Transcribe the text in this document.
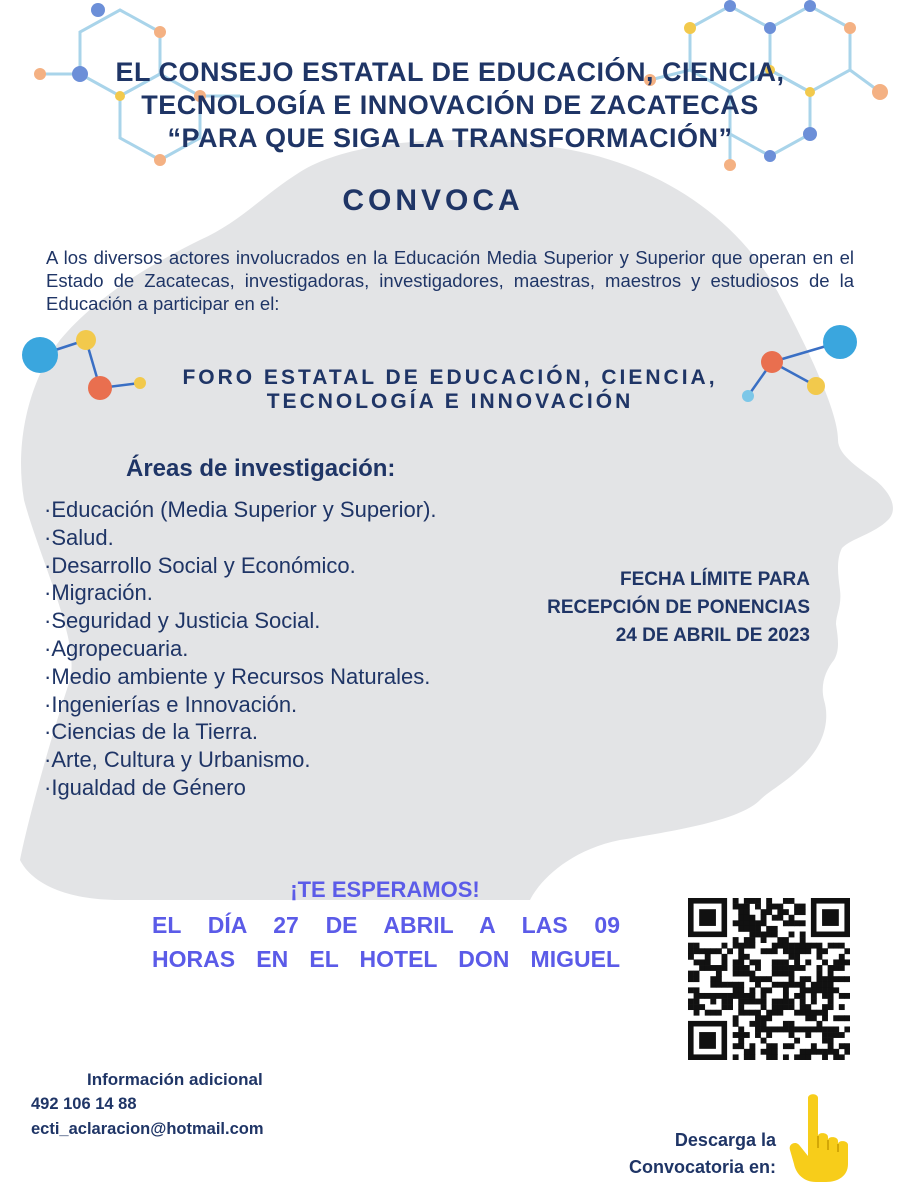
EL CONSEJO ESTATAL DE EDUCACIÓN, CIENCIA,
TECNOLOGÍA E INNOVACIÓN DE ZACATECAS
“PARA QUE SIGA LA TRANSFORMACIÓN”
CONVOCA
A los diversos actores involucrados en la Educación Media Superior y Superior que operan en el Estado de Zacatecas, investigadoras, investigadores, maestras, maestros y estudiosos de la Educación a participar en el:
FORO ESTATAL DE EDUCACIÓN, CIENCIA,
TECNOLOGÍA E INNOVACIÓN
Áreas de investigación:
·Educación (Media Superior y Superior).
·Salud.
·Desarrollo Social y Económico.
·Migración.
·Seguridad y Justicia Social.
·Agropecuaria.
·Medio ambiente y Recursos Naturales.
·Ingenierías e Innovación.
·Ciencias de la Tierra.
·Arte, Cultura y Urbanismo.
·Igualdad de Género
FECHA LÍMITE PARA
RECEPCIÓN DE PONENCIAS
24 DE ABRIL DE 2023
¡TE ESPERAMOS!
EL DÍA 27 DE ABRIL A LAS 09
HORAS EN EL HOTEL DON MIGUEL
Información adicional
492 106 14 88
ecti_aclaracion@hotmail.com
Descarga la
Convocatoria en:
